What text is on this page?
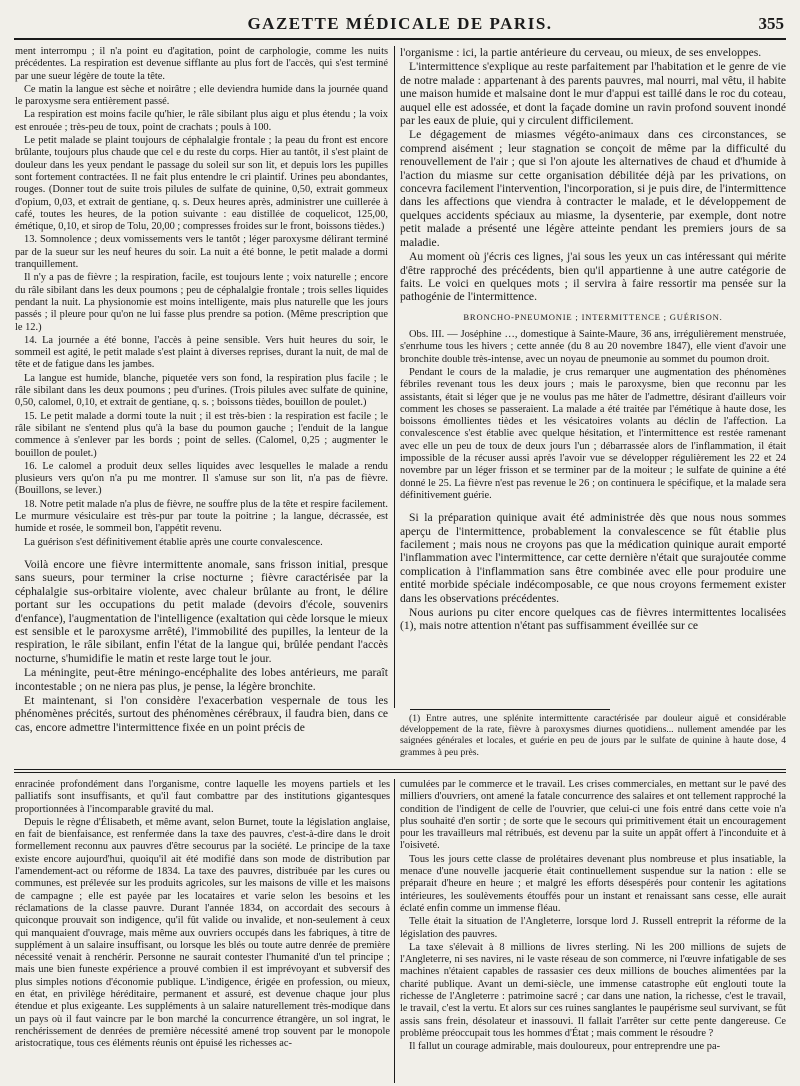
GAZETTE MÉDICALE DE PARIS.	355

ment interrompu ; il n'a point eu d'agitation, point de carphologie, comme les nuits précédentes. La respiration est devenue sifflante au plus fort de l'accès, qui s'est terminé par une sueur légère de toute la tête.

Ce matin la langue est sèche et noirâtre ; elle deviendra humide dans la journée quand le paroxysme sera entièrement passé.

La respiration est moins facile qu'hier, le râle sibilant plus aigu et plus étendu ; la voix est enrouée ; très-peu de toux, point de crachats ; pouls à 100.

Le petit malade se plaint toujours de céphalalgie frontale ; la peau du front est encore brûlante, toujours plus chaude que cel e du reste du corps. Hier au tantôt, il s'est plaint de douleur dans les yeux pendant le passage du soleil sur son lit, et depuis lors les pupilles sont fortement contractées. Il ne fait plus entendre le cri plaintif. Urines peu abondantes, rouges. (Donner tout de suite trois pilules de sulfate de quinine, 0,50, extrait gommeux d'opium, 0,03, et extrait de gentiane, q. s. Deux heures après, administrer une cuillerée à café, toutes les heures, de la potion suivante : eau distillée de coquelicot, 125,00, émétique, 0,10, et sirop de Tolu, 20,00 ; compresses froides sur le front, boissons tièdes.)

13. Somnolence ; deux vomissements vers le tantôt ; léger paroxysme délirant terminé par de la sueur sur les neuf heures du soir. La nuit a été bonne, le petit malade a dormi tranquillement.

Il n'y a pas de fièvre ; la respiration, facile, est toujours lente ; voix naturelle ; encore du râle sibilant dans les deux poumons ; peu de céphalalgie frontale ; trois selles liquides pendant la nuit. La physionomie est moins intelligente, mais plus naturelle que les jours passés ; il pleure pour qu'on ne lui fasse plus prendre sa potion. (Même prescription que le 12.)

14. La journée a été bonne, l'accès à peine sensible. Vers huit heures du soir, le sommeil est agité, le petit malade s'est plaint à diverses reprises, durant la nuit, de mal de tête et de fatigue dans les jambes.

La langue est humide, blanche, piquetée vers son fond, la respiration plus facile ; le râle sibilant dans les deux poumons ; peu d'urines. (Trois pilules avec sulfate de quinine, 0,50, calomel, 0,10, et extrait de gentiane, q. s. ; boissons tièdes, bouillon de poulet.)

15. Le petit malade a dormi toute la nuit ; il est très-bien : la respiration est facile ; le râle sibilant ne s'entend plus qu'à la base du poumon gauche ; l'enduit de la langue commence à s'enlever par les bords ; point de selles. (Calomel, 0,25 ; augmenter le bouillon de poulet.)

16. Le calomel a produit deux selles liquides avec lesquelles le malade a rendu plusieurs vers qu'on n'a pu me montrer. Il s'amuse sur son lit, n'a pas de fièvre. (Bouillons, se lever.)

18. Notre petit malade n'a plus de fièvre, ne souffre plus de la tête et respire facilement. Le murmure vésiculaire est très-pur par toute la poitrine ; la langue, décrassée, est humide et rosée, le sommeil bon, l'appétit revenu.

La guérison s'est définitivement établie après une courte convalescence.

Voilà encore une fièvre intermittente anomale, sans frisson initial, presque sans sueurs, pour terminer la crise nocturne ; fièvre caractérisée par la céphalalgie sus-orbitaire violente, avec chaleur brûlante au front, le délire portant sur les occupations du petit malade (devoirs d'école, souvenirs d'enfance), l'augmentation de l'intelligence (exaltation qui cède lorsque le mieux est sensible et le paroxysme arrêté), l'immobilité des pupilles, la lenteur de la respiration, le râle sibilant, enfin l'état de la langue qui, brûlée pendant l'accès nocturne, s'humidifie le matin et reste large tout le jour.

La méningite, peut-être méningo-encéphalite des lobes antérieurs, me paraît incontestable ; on ne niera pas plus, je pense, la légère bronchite.

Et maintenant, si l'on considère l'exacerbation vespernale de tous les phénomènes précités, surtout des phénomènes cérébraux, il faudra bien, dans ce cas, encore admettre l'intermittence fixée en un point précis de

l'organisme : ici, la partie antérieure du cerveau, ou mieux, de ses enveloppes.

L'intermittence s'explique au reste parfaitement par l'habitation et le genre de vie de notre malade : appartenant à des parents pauvres, mal nourri, mal vêtu, il habite une maison humide et malsaine dont le mur d'appui est taillé dans le roc du coteau, auquel elle est adossée, et dont la façade domine un ravin profond souvent inondé par les eaux de pluie, qui y circulent difficilement.

Le dégagement de miasmes végéto-animaux dans ces circonstances, se comprend aisément ; leur stagnation se conçoit de même par la difficulté du renouvellement de l'air ; que si l'on ajoute les alternatives de chaud et d'humide à l'action du miasme sur cette organisation débilitée déjà par les privations, on concevra facilement l'intervention, l'incorporation, si je puis dire, de l'intermittence dans les affections que viendra à contracter le malade, et le développement de quelques accidents spéciaux au miasme, la dysenterie, par exemple, dont notre petit malade a présenté une légère atteinte pendant les premiers jours de sa maladie.

Au moment où j'écris ces lignes, j'ai sous les yeux un cas intéressant qui mérite d'être rapproché des précédents, bien qu'il appartienne à une autre catégorie de faits. Le voici en quelques mots ; il servira à faire ressortir ma pensée sur la pathogénie de l'intermittence.

BRONCHO-PNEUMONIE ; INTERMITTENCE ; GUÉRISON.

Obs. III. — Joséphine …, domestique à Sainte-Maure, 36 ans, irrégulièrement menstruée, s'enrhume tous les hivers ; cette année (du 8 au 20 novembre 1847), elle vient d'avoir une bronchite double très-intense, avec un noyau de pneumonie au sommet du poumon droit.

Pendant le cours de la maladie, je crus remarquer une augmentation des phénomènes fébriles revenant tous les deux jours ; mais le paroxysme, bien que reconnu par les assistants, était si léger que je ne voulus pas me hâter de l'admettre, désirant d'ailleurs voir comment les choses se passeraient. La malade a été traitée par l'émétique à haute dose, les boissons émollientes tièdes et les vésicatoires volants au déclin de l'affection. La convalescence s'est établie avec quelque hésitation, et l'intermittence est restée ramenant avec elle un peu de toux de deux jours l'un ; débarrassée alors de l'inflammation, il était impossible de la récuser aussi après l'avoir vue se développer régulièrement les 22 et 24 novembre par un léger frisson et se terminer par de la moiteur ; le sulfate de quinine a été donné le 25. La fièvre n'est pas revenue le 26 ; on continuera le spécifique, et la malade sera définitivement guérie.

Si la préparation quinique avait été administrée dès que nous nous sommes aperçu de l'intermittence, probablement la convalescence se fût établie plus facilement ; mais nous ne croyons pas que la médication quinique aurait emporté l'inflammation avec l'intermittence, car cette dernière n'était que surajoutée comme complication à l'inflammation sans être combinée avec elle pour produire une entité morbide spéciale indécomposable, ce que nous croyons fermement exister dans les observations précédentes.

Nous aurions pu citer encore quelques cas de fièvres intermittentes localisées (1), mais notre attention n'étant pas suffisamment éveillée sur ce

(1) Entre autres, une splénite intermittente caractérisée par douleur aiguë et considérable développement de la rate, fièvre à paroxysmes diurnes quotidiens... nullement amendée par les saignées générales et locales, et guérie en peu de jours par le sulfate de quinine à haute dose, 4 grammes à peu près.

enracinée profondément dans l'organisme, contre laquelle les moyens partiels et les palliatifs sont insuffisants, et qu'il faut combattre par des institutions gigantesques proportionnées à l'incomparable gravité du mal.

Depuis le règne d'Élisabeth, et même avant, selon Burnet, toute la législation anglaise, en fait de bienfaisance, est renfermée dans la taxe des pauvres, c'est-à-dire dans le droit formellement reconnu aux pauvres d'être secourus par la société. Le principe de la taxe existe encore aujourd'hui, quoiqu'il ait été modifié dans son mode de distribution par l'amendement-act ou réforme de 1834. La taxe des pauvres, distribuée par les cures ou communes, est prélevée sur les produits agricoles, sur les maisons de ville et les maisons de campagne ; elle est payée par les locataires et varie selon les besoins et les réclamations de la classe pauvre. Durant l'année 1834, on accordait des secours à quiconque prouvait son indigence, qu'il fût valide ou invalide, et non-seulement à ceux qui manquaient d'ouvrage, mais même aux ouvriers occupés dans les fabriques, à titre de supplément à un salaire insuffisant, ou lorsque les blés ou toute autre denrée de première nécessité venait à renchérir. Personne ne saurait contester l'humanité d'un tel principe ; mais une bien funeste expérience a prouvé combien il est imprévoyant et subversif des plus simples notions d'économie publique. L'indigence, érigée en profession, ou mieux, en état, en privilège héréditaire, permanent et assuré, est devenue chaque jour plus étendue et plus exigeante. Les suppléments à un salaire naturellement très-modique dans un pays où il faut vaincre par le bon marché la concurrence étrangère, un sol ingrat, le renchérissement de denrées de première nécessité amené trop souvent par le monopole aristocratique, tous ces éléments réunis ont épuisé les richesses ac-

cumulées par le commerce et le travail. Les crises commerciales, en mettant sur le pavé des milliers d'ouvriers, ont amené la fatale concurrence des salaires et ont tellement rapproché la condition de l'indigent de celle de l'ouvrier, que celui-ci une fois entré dans cette voie n'a plus souhaité d'en sortir ; de sorte que le secours qui primitivement était un encouragement pour les travailleurs mal rétribués, est devenu par la suite un appât offert à l'inconduite et à l'oisiveté.

Tous les jours cette classe de prolétaires devenant plus nombreuse et plus insatiable, la menace d'une nouvelle jacquerie était continuellement suspendue sur la nation : elle se préparait d'heure en heure ; et malgré les efforts désespérés pour contenir les agitations intérieures, les soulèvements étouffés pour un instant et renaissant sans cesse, elle aurait éclaté enfin comme un immense fléau.

Telle était la situation de l'Angleterre, lorsque lord J. Russell entreprit la réforme de la législation des pauvres.

La taxe s'élevait à 8 millions de livres sterling. Ni les 200 millions de sujets de l'Angleterre, ni ses navires, ni le vaste réseau de son commerce, ni l'œuvre infatigable de ses machines n'étaient capables de rassasier ces deux millions de bouches alimentées par la charité publique. Avant un demi-siècle, une immense catastrophe eût englouti toute la richesse de l'Angleterre : patrimoine sacré ; car dans une nation, la richesse, c'est le travail, le travail, c'est la vertu. Et alors sur ces ruines sanglantes le paupérisme seul survivant, se fût assis sans frein, désolateur et inassouvi. Il fallait l'arrêter sur cette pente dangereuse. Ce problème préoccupait tous les hommes d'État ; mais comment le résoudre ?

Il fallut un courage admirable, mais douloureux, pour entreprendre une pa-
